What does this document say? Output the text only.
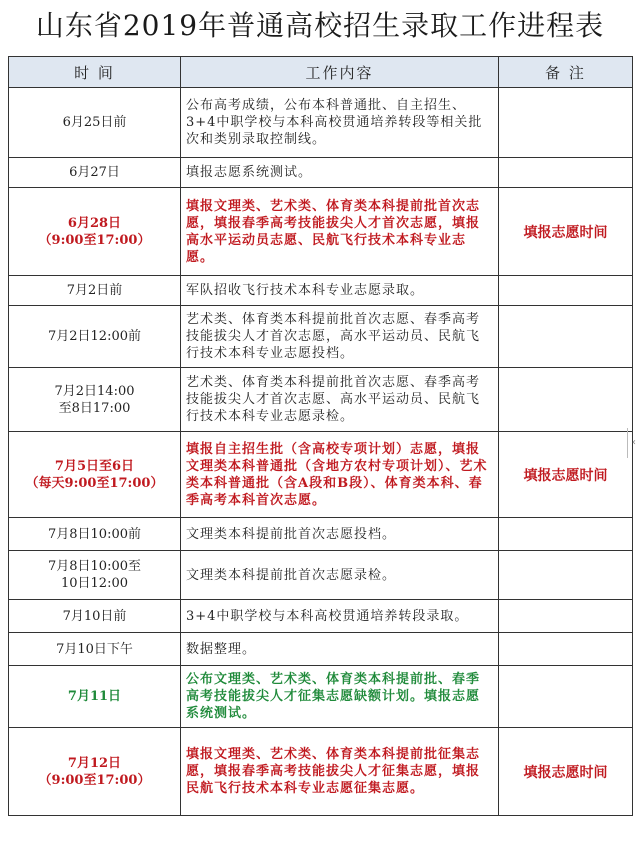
山东省2019年普通高校招生录取工作进程表
时 间	工作内容	备 注

6月25日前	公布高考成绩，公布本科普通批、自主招生、3+4中职学校与本科高校贯通培养转段等相关批次和类别录取控制线。	

6月27日	填报志愿系统测试。	

6月28日
（9:00至17:00）	填报文理类、艺术类、体育类本科提前批首次志愿，填报春季高考技能拔尖人才首次志愿，填报高水平运动员志愿、民航飞行技术本科专业志愿。	填报志愿时间

7月2日前	军队招收飞行技术本科专业志愿录取。	

7月2日12:00前	艺术类、体育类本科提前批首次志愿、春季高考技能拔尖人才首次志愿，高水平运动员、民航飞行技术本科专业志愿投档。	

7月2日14:00
至8日17:00	艺术类、体育类本科提前批首次志愿、春季高考技能拔尖人才首次志愿、高水平运动员、民航飞行技术本科专业志愿录检。	

7月5日至6日
（每天9:00至17:00）	填报自主招生批（含高校专项计划）志愿，填报文理类本科普通批（含地方农村专项计划）、艺术类本科普通批（含A段和B段）、体育类本科、春季高考本科首次志愿。	填报志愿时间

7月8日10:00前	文理类本科提前批首次志愿投档。	

7月8日10:00至
10日12:00	文理类本科提前批首次志愿录检。	

7月10日前	3+4中职学校与本科高校贯通培养转段录取。	

7月10日下午	数据整理。	

7月11日	公布文理类、艺术类、体育类本科提前批、春季高考技能拔尖人才征集志愿缺额计划。填报志愿系统测试。	

7月12日
（9:00至17:00）	填报文理类、艺术类、体育类本科提前批征集志愿，填报春季高考技能拔尖人才征集志愿，填报民航飞行技术本科专业志愿征集志愿。	填报志愿时间
‹
